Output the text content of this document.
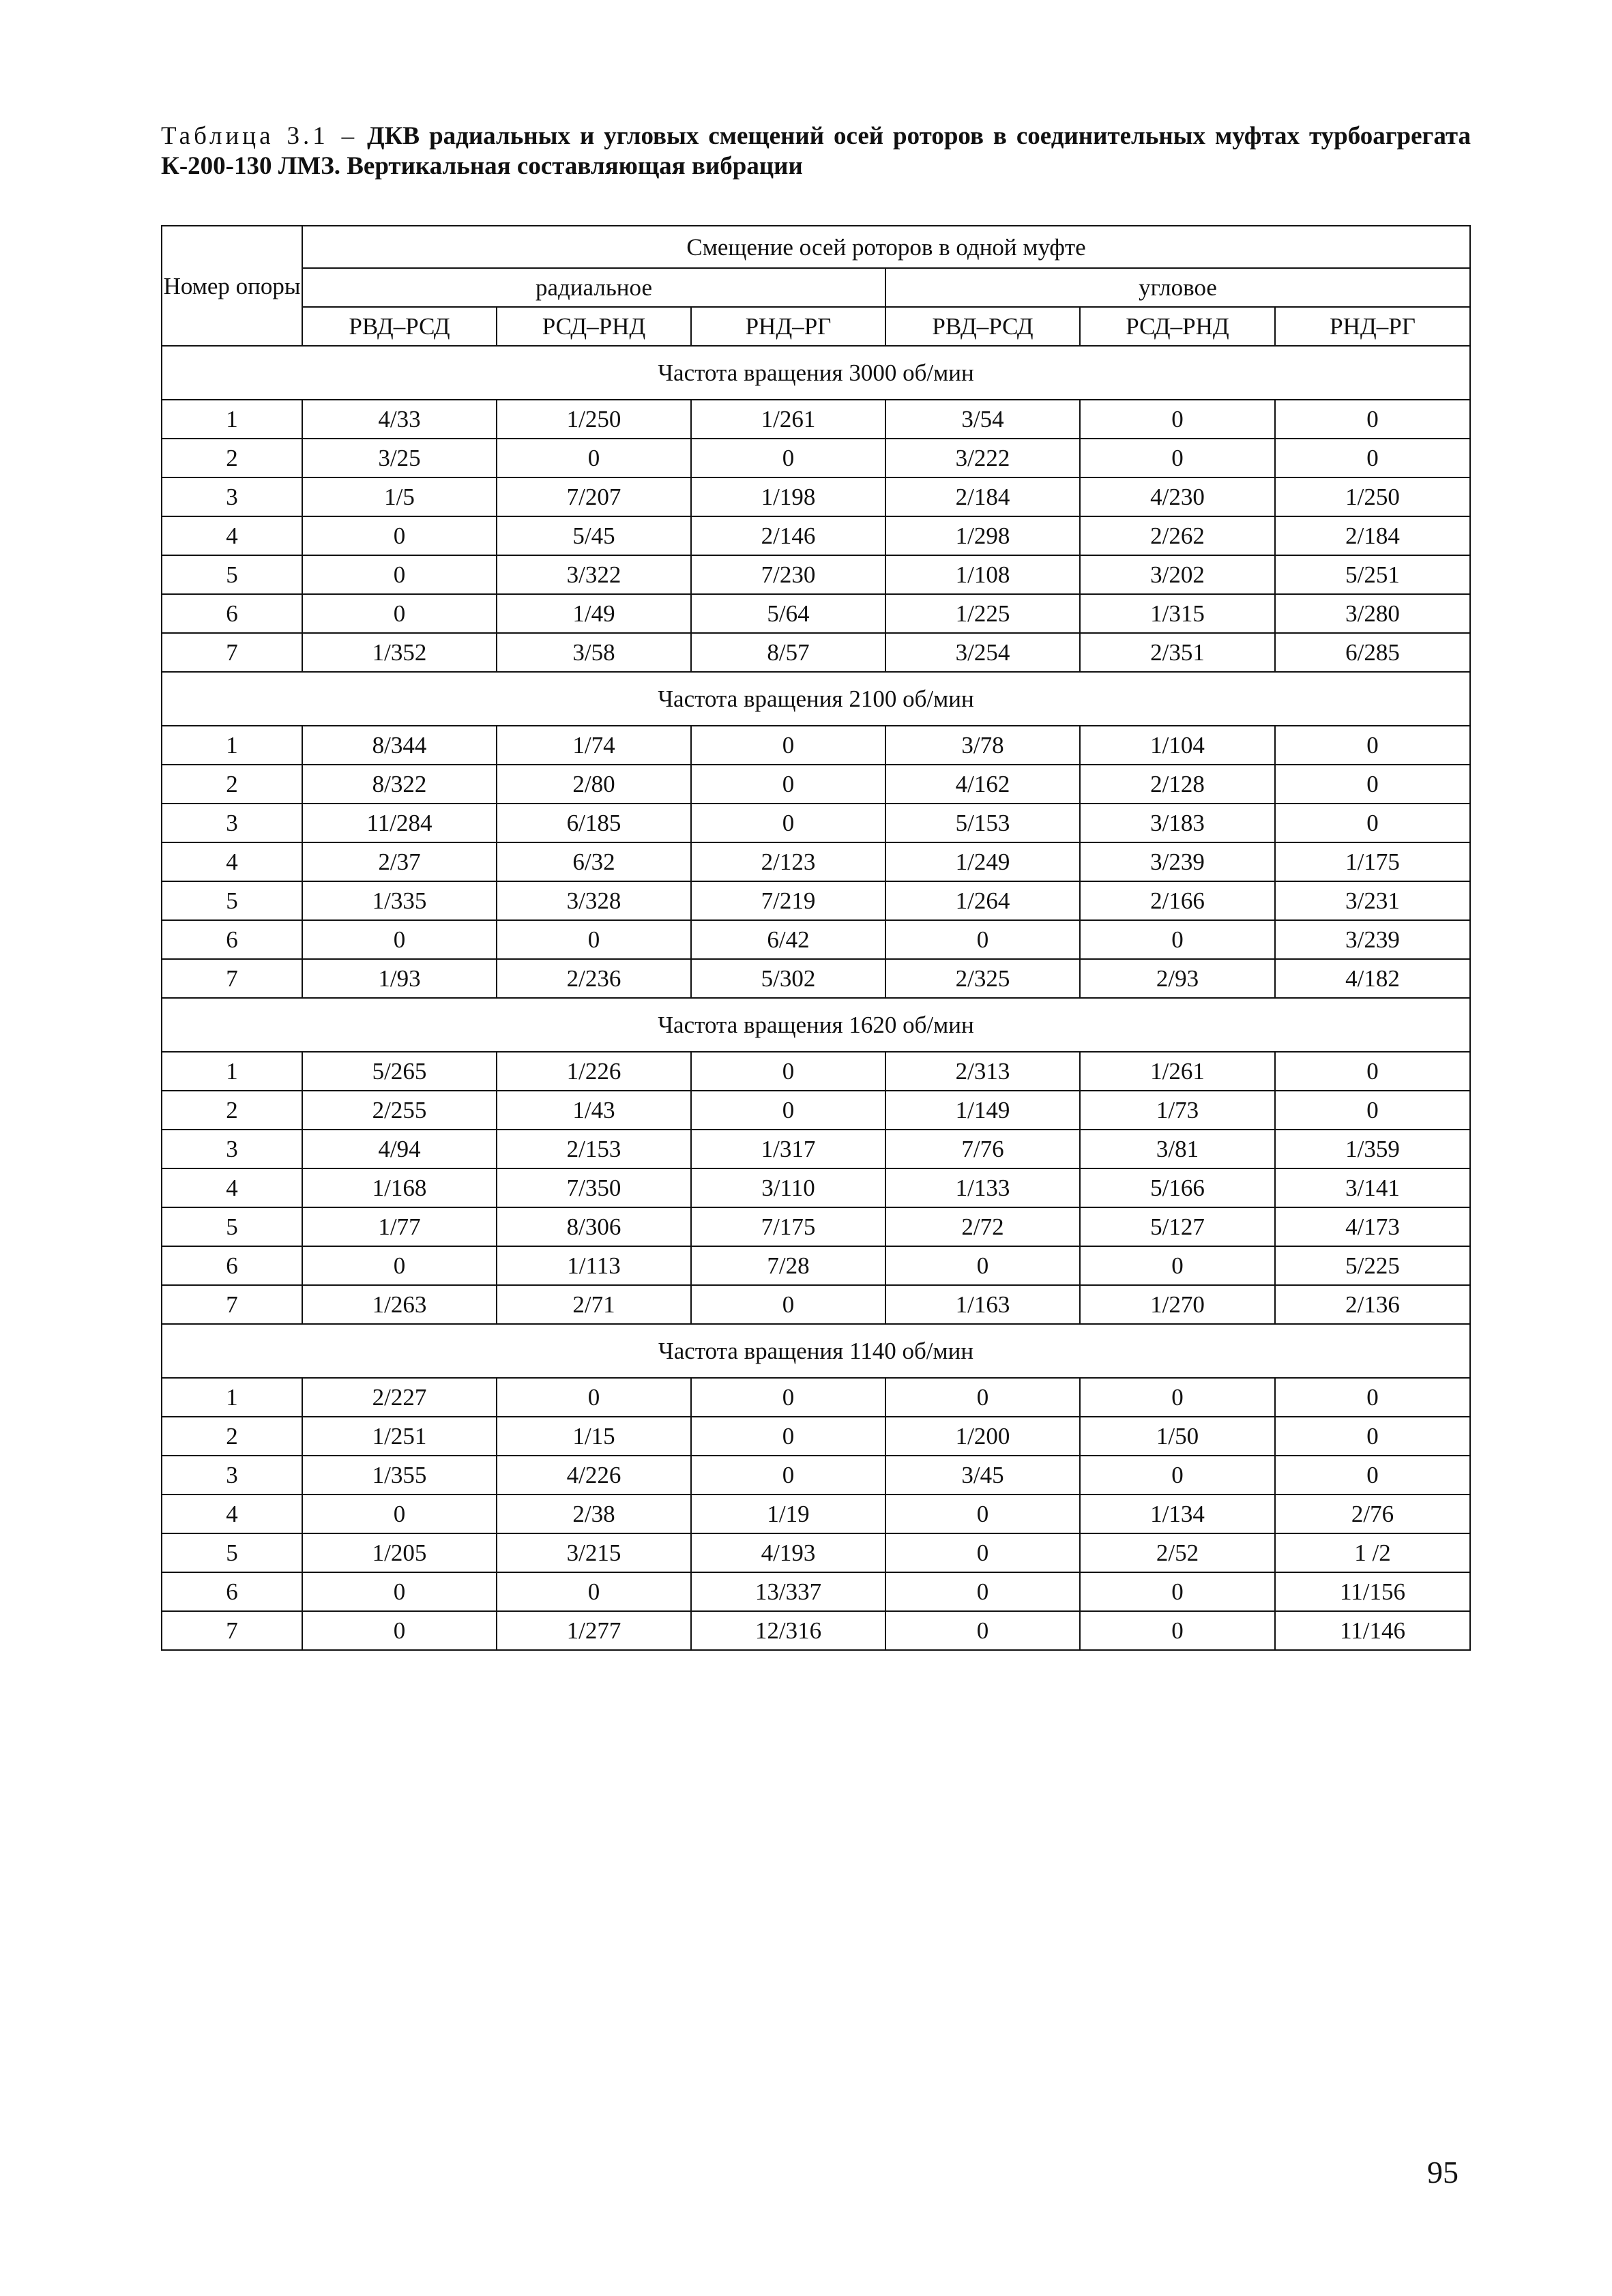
Таблица 3.1 – ДКВ радиальных и угловых смещений осей роторов в соединительных муфтах турбоагрегата К-200-130 ЛМЗ. Вертикальная составляющая вибрации
Номер опоры	Смещение осей роторов в одной муфте					
	радиальное			угловое		
	РВД–РСД	РСД–РНД	РНД–РГ	РВД–РСД	РСД–РНД	РНД–РГ
Частота вращения 3000 об/мин						
1	4/33	1/250	1/261	3/54	0	0
2	3/25	0	0	3/222	0	0
3	1/5	7/207	1/198	2/184	4/230	1/250
4	0	5/45	2/146	1/298	2/262	2/184
5	0	3/322	7/230	1/108	3/202	5/251
6	0	1/49	5/64	1/225	1/315	3/280
7	1/352	3/58	8/57	3/254	2/351	6/285
Частота вращения 2100 об/мин						
1	8/344	1/74	0	3/78	1/104	0
2	8/322	2/80	0	4/162	2/128	0
3	11/284	6/185	0	5/153	3/183	0
4	2/37	6/32	2/123	1/249	3/239	1/175
5	1/335	3/328	7/219	1/264	2/166	3/231
6	0	0	6/42	0	0	3/239
7	1/93	2/236	5/302	2/325	2/93	4/182
Частота вращения 1620 об/мин						
1	5/265	1/226	0	2/313	1/261	0
2	2/255	1/43	0	1/149	1/73	0
3	4/94	2/153	1/317	7/76	3/81	1/359
4	1/168	7/350	3/110	1/133	5/166	3/141
5	1/77	8/306	7/175	2/72	5/127	4/173
6	0	1/113	7/28	0	0	5/225
7	1/263	2/71	0	1/163	1/270	2/136
Частота вращения 1140 об/мин						
1	2/227	0	0	0	0	0
2	1/251	1/15	0	1/200	1/50	0
3	1/355	4/226	0	3/45	0	0
4	0	2/38	1/19	0	1/134	2/76
5	1/205	3/215	4/193	0	2/52	1 /2
6	0	0	13/337	0	0	11/156
7	0	1/277	12/316	0	0	11/146
95
